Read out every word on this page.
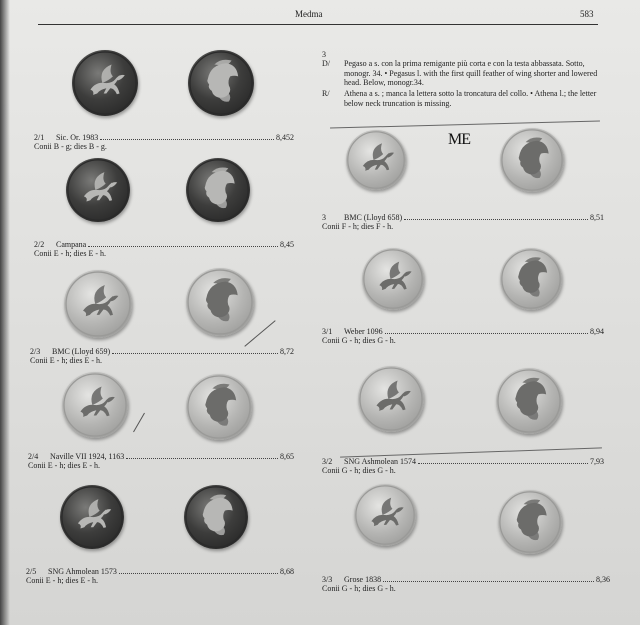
Medma	583
3
D/ Pegaso a s. con la prima remigante più corta e con la testa abbassata. Sotto, monogr. 34. • Pegasus l. with the first quill feather of wing shorter and lowered head. Below, monogr.34.
R/ Athena a s. ; manca la lettera sotto la troncatura del collo. • Athena l.; the letter below neck truncation is missing.
ME
2/1	Sic. Or. 1983	8,452
Conii B - g; dies B - g.
2/2	Campana	8,45
Conii E - h; dies E - h.
2/3	BMC (Lloyd 659)	8,72
Conii E - h; dies E - h.
2/4	Naville VII 1924, 1163	8,65
Conii E - h; dies E - h.
2/5	SNG Ahmolean 1573	8,68
Conii E - h; dies E - h.
3	BMC (Lloyd 658)	8,51
Conii F - h; dies F - h.
3/1	Weber 1096	8,94
Conii G - h; dies G - h.
3/2	SNG Ashmolean 1574	7,93
Conii G - h; dies G - h.
3/3	Grose 1838	8,36
Conii G - h; dies G - h.
